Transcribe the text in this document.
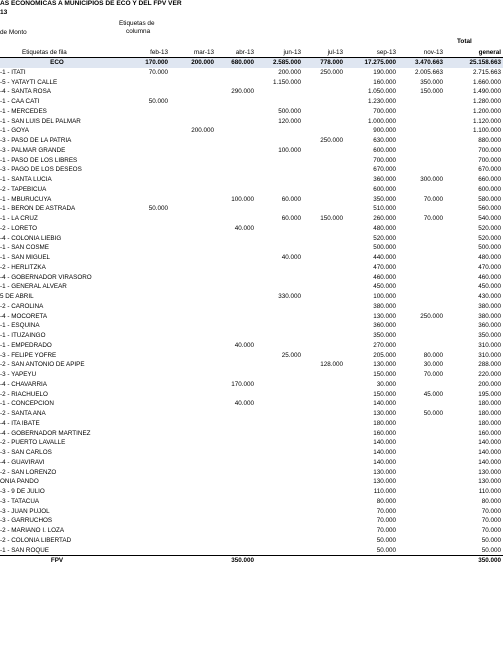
AS ECONÓMICAS A MUNICIPIOS DE ECO Y DEL FPV VER
13
Etiquetas de
columna
de Monto
Total
Etiquetas de fila	feb-13	mar-13	abr-13	jun-13	jul-13	sep-13	nov-13	general
ECO	170.000	200.000	680.000	2.585.000	778.000	17.275.000	3.470.663	25.158.663
-1 - ITATI	70.000			200.000	250.000	190.000	2.005.663	2.715.663
-5 - YATAYTI CALLE				1.150.000		160.000	350.000	1.660.000
-4 - SANTA ROSA			290.000			1.050.000	150.000	1.490.000
-1 - CAA CATI	50.000					1.230.000		1.280.000
-1 - MERCEDES				500.000		700.000		1.200.000
-1 - SAN LUIS DEL PALMAR				120.000		1.000.000		1.120.000
-1 - GOYA		200.000				900.000		1.100.000
-3 - PASO DE LA PATRIA					250.000	630.000		880.000
-3 - PALMAR GRANDE				100.000		600.000		700.000
-1 - PASO DE LOS LIBRES						700.000		700.000
-3 - PAGO DE LOS DESEOS						670.000		670.000
-1 - SANTA LUCIA						360.000	300.000	660.000
-2 - TAPEBICUA						600.000		600.000
-1 - MBURUCUYA			100.000	60.000		350.000	70.000	580.000
-1 - BERON DE ASTRADA	50.000					510.000		560.000
-1 - LA CRUZ				60.000	150.000	260.000	70.000	540.000
-2 - LORETO			40.000			480.000		520.000
-4 - COLONIA LIEBIG						520.000		520.000
-1 - SAN COSME						500.000		500.000
-1 - SAN MIGUEL				40.000		440.000		480.000
-2 - HERLITZKA						470.000		470.000
-4 - GOBERNADOR VIRASORO						460.000		460.000
-1 - GENERAL ALVEAR						450.000		450.000
5 DE ABRIL				330.000		100.000		430.000
-2 - CAROLINA						380.000		380.000
-4 - MOCORETA						130.000	250.000	380.000
-1 - ESQUINA						360.000		360.000
-1 - ITUZAINGO						350.000		350.000
-1 - EMPEDRADO			40.000			270.000		310.000
-3 - FELIPE YOFRE				25.000		205.000	80.000	310.000
-2 - SAN ANTONIO DE APIPE					128.000	130.000	30.000	288.000
-3 - YAPEYU						150.000	70.000	220.000
-4 - CHAVARRIA			170.000			30.000		200.000
-2 - RIACHUELO						150.000	45.000	195.000
-1 - CONCEPCION			40.000			140.000		180.000
-2 - SANTA ANA						130.000	50.000	180.000
-4 - ITA IBATE						180.000		180.000
-4 - GOBERNADOR MARTINEZ						160.000		160.000
-2 - PUERTO LAVALLE						140.000		140.000
-3 - SAN CARLOS						140.000		140.000
-4 - GUAVIRAVI						140.000		140.000
-2 - SAN LORENZO						130.000		130.000
ONIA PANDO						130.000		130.000
-3 - 9 DE JULIO						110.000		110.000
-3 - TATACUA						80.000		80.000
-3 - JUAN PUJOL						70.000		70.000
-3 - GARRUCHOS						70.000		70.000
-2 - MARIANO I. LOZA						70.000		70.000
-2 - COLONIA LIBERTAD						50.000		50.000
-1 - SAN ROQUE						50.000		50.000
FPV			350.000					350.000
